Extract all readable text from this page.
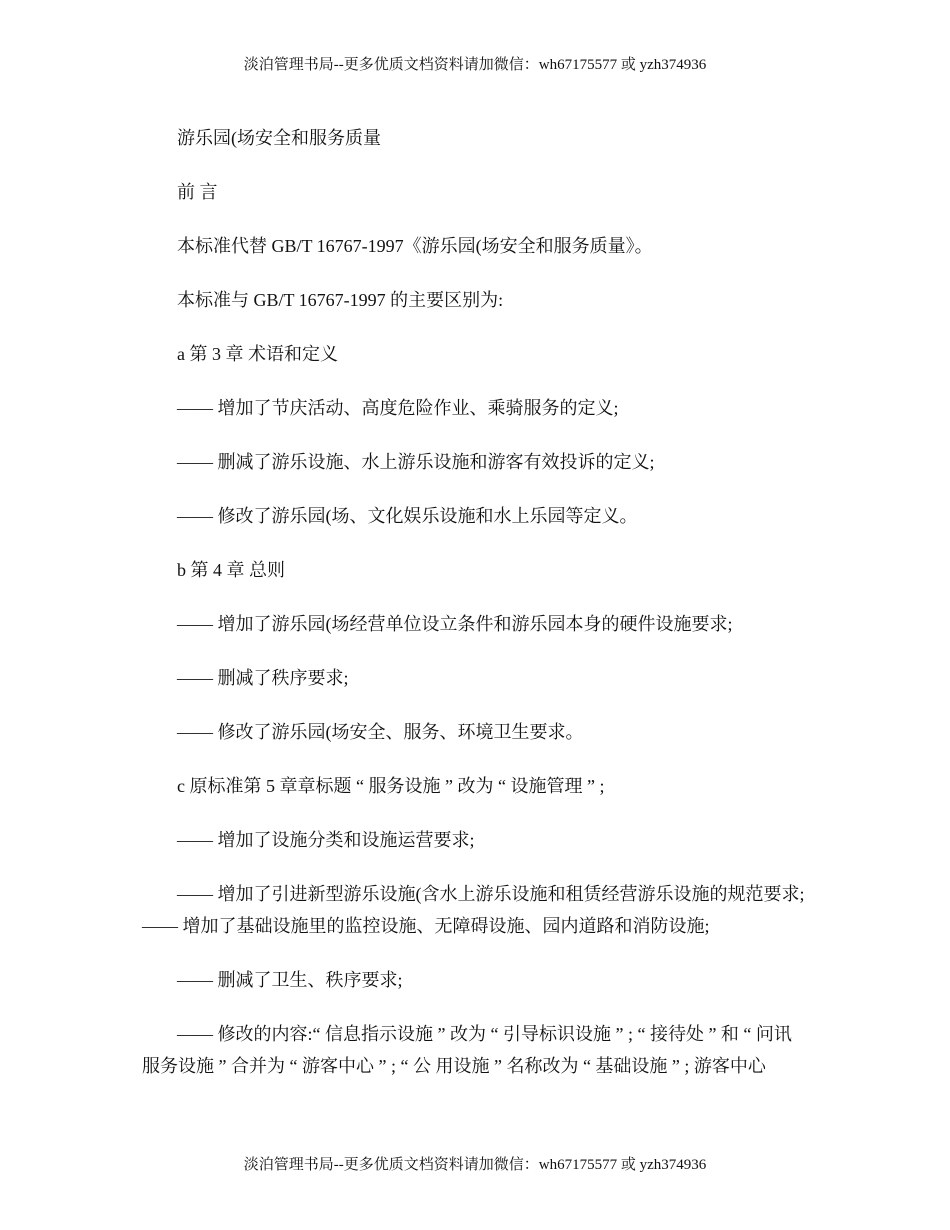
淡泊管理书局--更多优质文档资料请加微信：wh67175577 或 yzh374936

游乐园(场安全和服务质量

前 言

本标准代替 GB/T 16767-1997《游乐园(场安全和服务质量》。

本标准与 GB/T 16767-1997 的主要区别为:

a 第 3 章 术语和定义

—— 增加了节庆活动、高度危险作业、乘骑服务的定义;

—— 删减了游乐设施、水上游乐设施和游客有效投诉的定义;

—— 修改了游乐园(场、文化娱乐设施和水上乐园等定义。

b 第 4 章 总则

—— 增加了游乐园(场经营单位设立条件和游乐园本身的硬件设施要求;

—— 删减了秩序要求;

—— 修改了游乐园(场安全、服务、环境卫生要求。

c 原标准第 5 章章标题 “ 服务设施 ” 改为 “ 设施管理 ” ;

—— 增加了设施分类和设施运营要求;

—— 增加了引进新型游乐设施(含水上游乐设施和租赁经营游乐设施的规范要求; —— 增加了基础设施里的监控设施、无障碍设施、园内道路和消防设施;

—— 删减了卫生、秩序要求;

—— 修改的内容:“ 信息指示设施 ” 改为 “ 引导标识设施 ” ; “ 接待处 ” 和 “ 问讯服务设施 ” 合并为 “ 游客中心 ” ; “ 公 用设施 ” 名称改为 “ 基础设施 ” ; 游客中心

淡泊管理书局--更多优质文档资料请加微信：wh67175577 或 yzh374936
